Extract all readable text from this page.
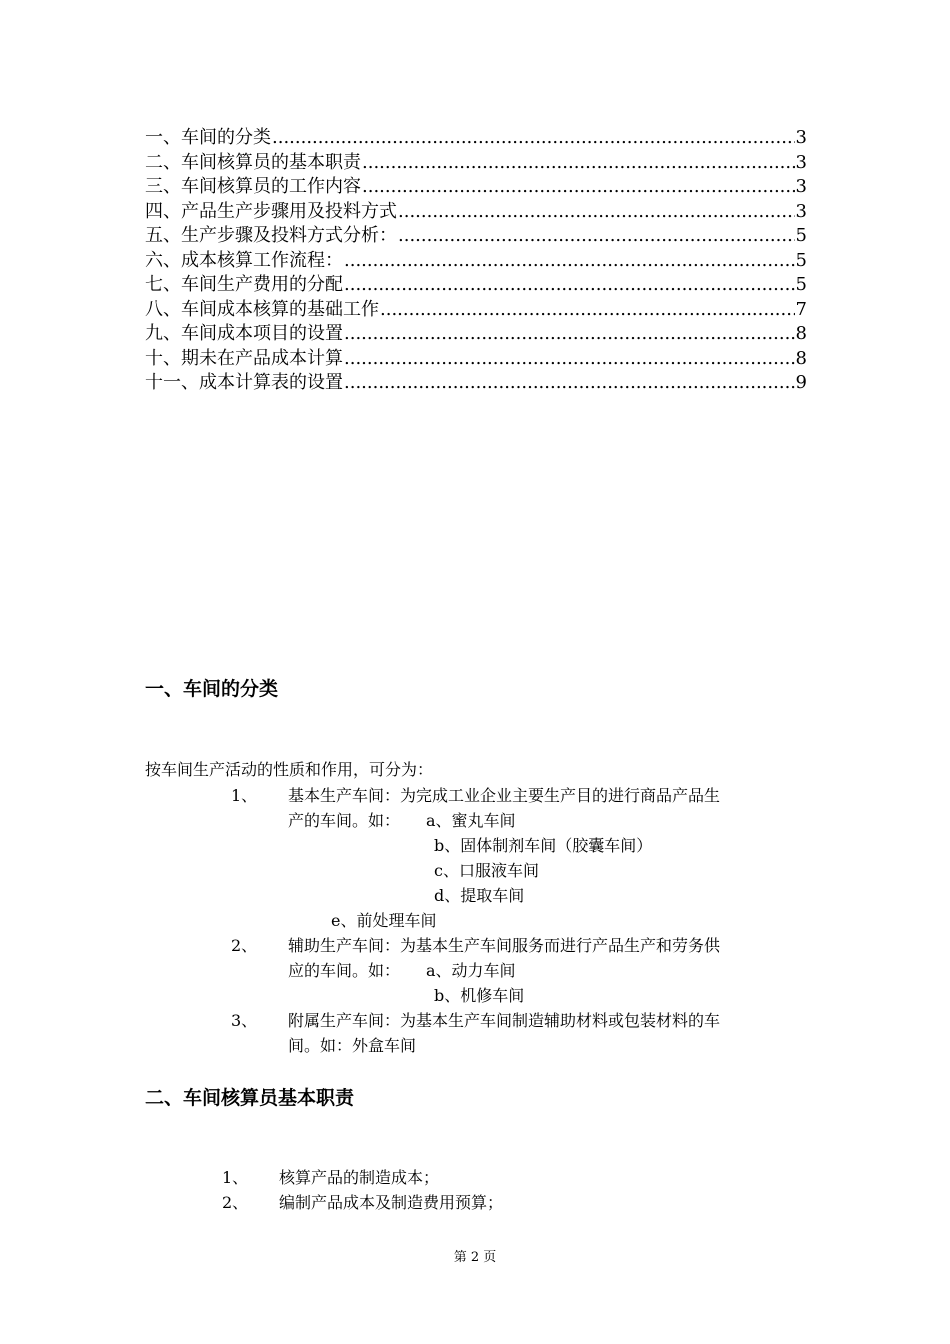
一、车间的分类 .....	3
二、车间核算员的基本职责 .....	3
三、车间核算员的工作内容 .....	3
四、产品生产步骤用及投料方式 .....	3
五、生产步骤及投料方式分析： .....	5
六、成本核算工作流程： .....	5
七、车间生产费用的分配 .....	5
八、车间成本核算的基础工作 .....	7
九、车间成本项目的设置 .....	8
十、期未在产品成本计算 .....	8
十一、成本计算表的设置 .....	9
一、车间的分类
按车间生产活动的性质和作用，可分为：
1、 基本生产车间：为完成工业企业主要生产目的进行商品产品生
产的车间。如： a、蜜丸车间
b、固体制剂车间（胶囊车间）
c、口服液车间
d、提取车间
e、前处理车间
2、 辅助生产车间：为基本生产车间服务而进行产品生产和劳务供
应的车间。如： a、动力车间
b、机修车间
3、 附属生产车间：为基本生产车间制造辅助材料或包装材料的车
间。如：外盒车间
二、车间核算员基本职责
1、 核算产品的制造成本；
2、 编制产品成本及制造费用预算；
第 2 页
